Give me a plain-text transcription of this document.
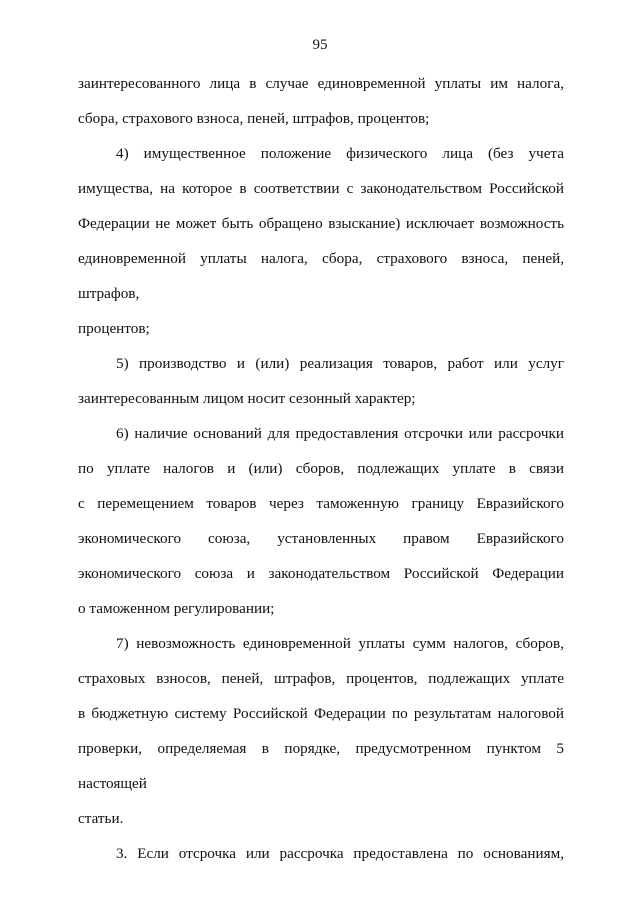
95

заинтересованного лица в случае единовременной уплаты им налога,

сбора, страхового взноса, пеней, штрафов, процентов;

4) имущественное положение физического лица (без учета

имущества, на которое в соответствии с законодательством Российской

Федерации не может быть обращено взыскание) исключает возможность

единовременной уплаты налога, сбора, страхового взноса, пеней, штрафов,

процентов;

5) производство и (или) реализация товаров, работ или услуг

заинтересованным лицом носит сезонный характер;

6) наличие оснований для предоставления отсрочки или рассрочки

по уплате налогов и (или) сборов, подлежащих уплате в связи

с перемещением товаров через таможенную границу Евразийского

экономического союза, установленных правом Евразийского

экономического союза и законодательством Российской Федерации

о таможенном регулировании;

7) невозможность единовременной уплаты сумм налогов, сборов,

страховых взносов, пеней, штрафов, процентов, подлежащих уплате

в бюджетную систему Российской Федерации по результатам налоговой

проверки, определяемая в порядке, предусмотренном пунктом 5 настоящей

статьи.

3. Если отсрочка или рассрочка предоставлена по основаниям,
